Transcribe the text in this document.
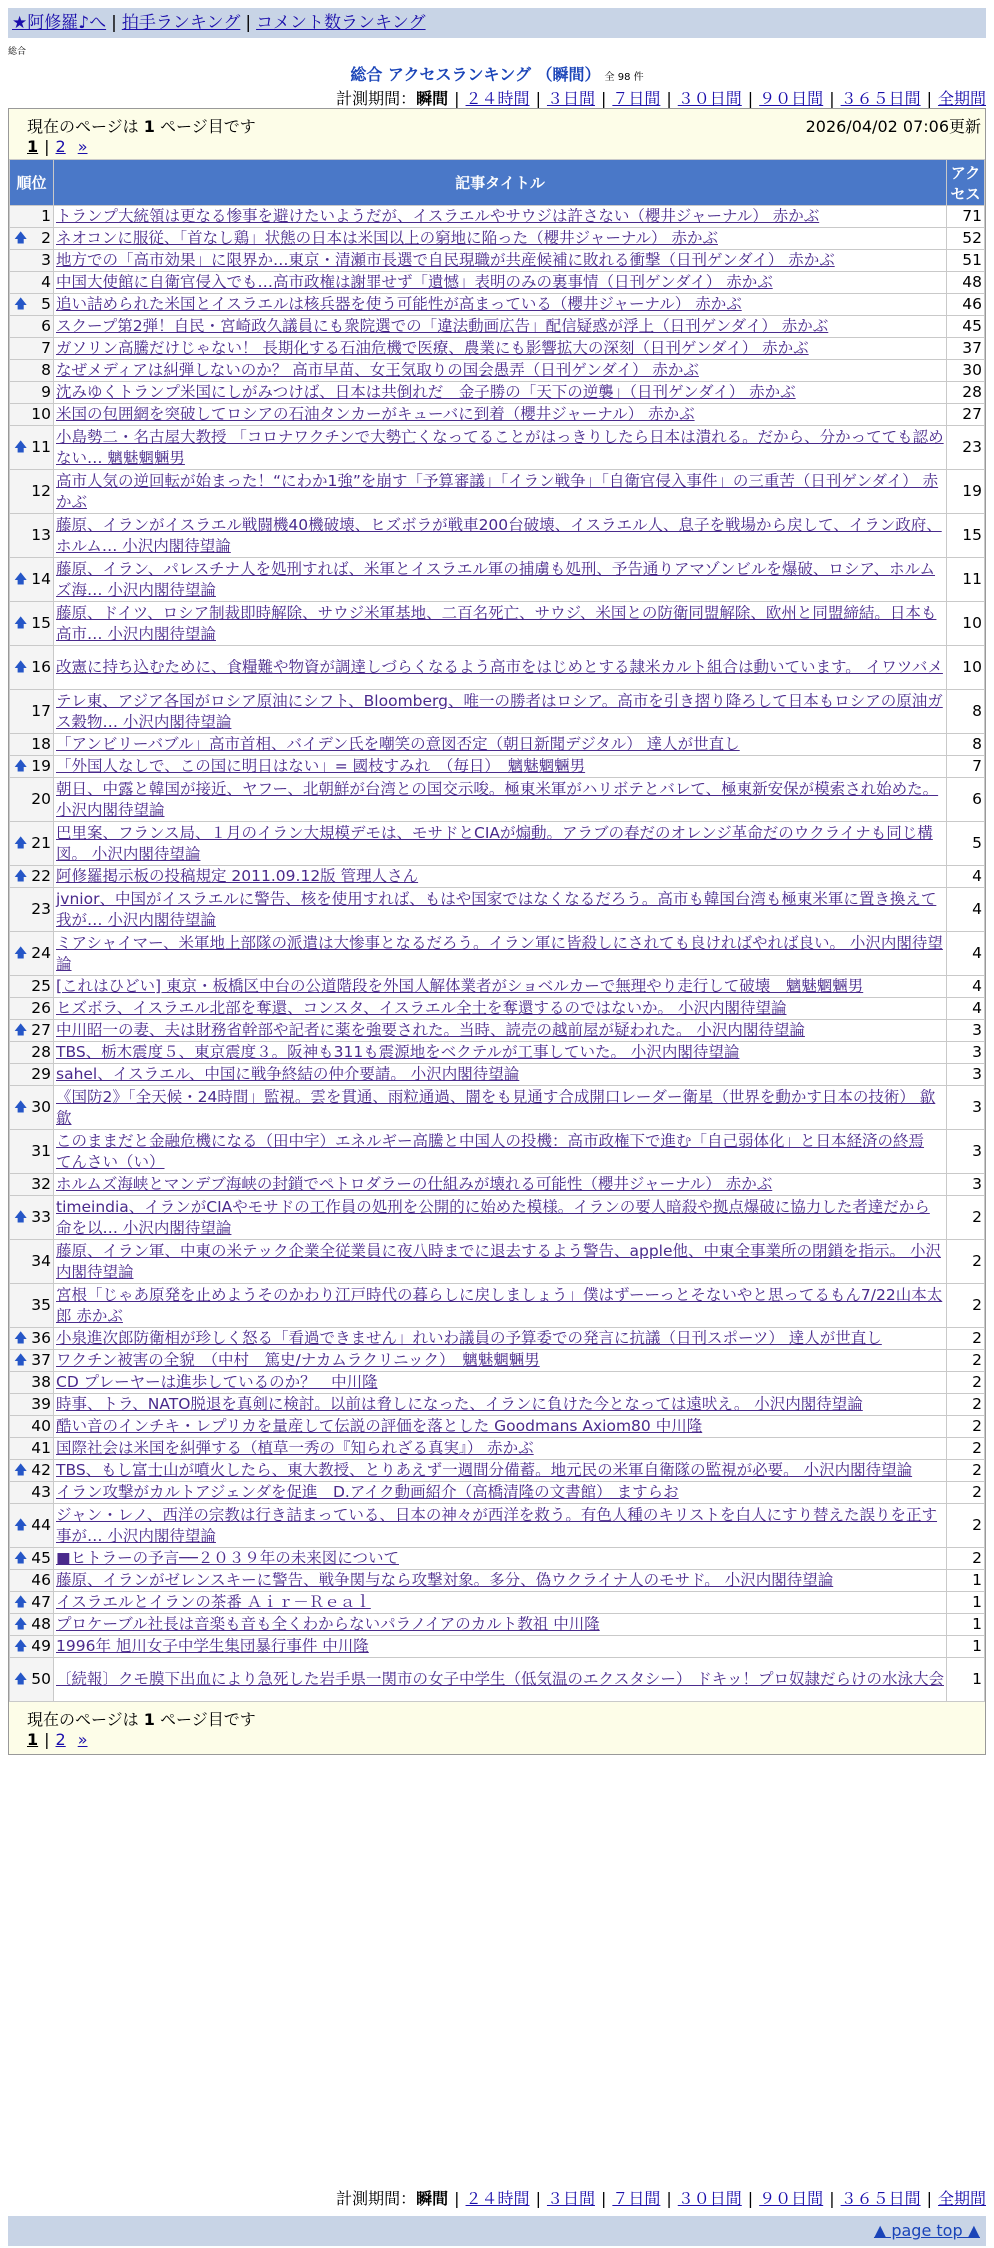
★阿修羅♪へ | 拍手ランキング | コメント数ランキング
総合
総合 アクセスランキング （瞬間） 全 98 件
計測期間：瞬間 | ２４時間 | ３日間 | ７日間 | ３０日間 | ９０日間 | ３６５日間 | 全期間
現在のページは 1 ページ目です	2026/04/02 07:06更新
1 | 2 »
順位	記事タイトル	アクセス
1	トランプ大統領は更なる惨事を避けたいようだが、イスラエルやサウジは許さない（櫻井ジャーナル） 赤かぶ	71

🡅 2	ネオコンに服従、「首なし鶏」状態の日本は米国以上の窮地に陥った（櫻井ジャーナル） 赤かぶ	52
3	地方での「高市効果」に限界か…東京・清瀬市長選で自民現職が共産候補に敗れる衝撃（日刊ゲンダイ） 赤かぶ	51
4	中国大使館に自衛官侵入でも…高市政権は謝罪せず「遺憾」表明のみの裏事情（日刊ゲンダイ） 赤かぶ	48

🡅 5	追い詰められた米国とイスラエルは核兵器を使う可能性が高まっている（櫻井ジャーナル） 赤かぶ	46
6	スクープ第2弾！自民・宮崎政久議員にも衆院選での「違法動画広告」配信疑惑が浮上（日刊ゲンダイ） 赤かぶ	45
7	ガソリン高騰だけじゃない！ 長期化する石油危機で医療、農業にも影響拡大の深刻（日刊ゲンダイ） 赤かぶ	37
8	なぜメディアは糾弾しないのか？ 高市早苗、女王気取りの国会愚弄（日刊ゲンダイ） 赤かぶ	30
9	沈みゆくトランプ米国にしがみつけば、日本は共倒れだ　金子勝の「天下の逆襲」（日刊ゲンダイ） 赤かぶ	28
10	米国の包囲網を突破してロシアの石油タンカーがキューバに到着（櫻井ジャーナル） 赤かぶ	27

🡅 11	小島勢二・名古屋大教授 「コロナワクチンで大勢亡くなってることがはっきりしたら日本は潰れる。だから、分かってても認めない… 魑魅魍魎男	23
12	高市人気の逆回転が始まった！“にわか1強”を崩す「予算審議」「イラン戦争」「自衛官侵入事件」の三重苦（日刊ゲンダイ） 赤かぶ	19
13	藤原、イランがイスラエル戦闘機40機破壊、ヒズボラが戦車200台破壊、イスラエル人、息子を戦場から戻して、イラン政府、ホルム… 小沢内閣待望論	15

🡅 14	藤原、イラン、パレスチナ人を処刑すれば、米軍とイスラエル軍の捕虜も処刑、予告通りアマゾンビルを爆破、ロシア、ホルムズ海… 小沢内閣待望論	11

🡅 15	藤原、ドイツ、ロシア制裁即時解除、サウジ米軍基地、二百名死亡、サウジ、米国との防衛同盟解除、欧州と同盟締結。日本も高市… 小沢内閣待望論	10

🡅 16	改憲に持ち込むために、食糧難や物資が調達しづらくなるよう高市をはじめとする隷米カルト組合は動いています。 イワツバメ	10
17	テレ東、アジア各国がロシア原油にシフト、Bloomberg、唯一の勝者はロシア。高市を引き摺り降ろして日本もロシアの原油ガス穀物… 小沢内閣待望論	8
18	「アンビリーバブル」高市首相、バイデン氏を嘲笑の意図否定（朝日新聞デジタル） 達人が世直し	8

🡅 19	「外国人なしで、この国に明日はない」= 國枝すみれ　（毎日）　魑魅魍魎男	7
20	朝日、中露と韓国が接近、ヤフー、北朝鮮が台湾との国交示唆。極東米軍がハリボテとバレて、極東新安保が模索され始めた。 小沢内閣待望論	6

🡅 21	巴里案、フランス局、１月のイラン大規模デモは、モサドとCIAが煽動。アラブの春だのオレンジ革命だのウクライナも同じ構図。 小沢内閣待望論	5

🡅 22	阿修羅掲示板の投稿規定 2011.09.12版 管理人さん	4
23	jvnior、中国がイスラエルに警告、核を使用すれば、もはや国家ではなくなるだろう。高市も韓国台湾も極東米軍に置き換えて我が… 小沢内閣待望論	4

🡅 24	ミアシャイマー、米軍地上部隊の派遣は大惨事となるだろう。イラン軍に皆殺しにされても良ければやれば良い。 小沢内閣待望論	4
25	[これはひどい] 東京・板橋区中台の公道階段を外国人解体業者がショベルカーで無理やり走行して破壊　魑魅魍魎男	4
26	ヒズボラ、イスラエル北部を奪還、コンスタ、イスラエル全土を奪還するのではないか。 小沢内閣待望論	4

🡅 27	中川昭一の妻、夫は財務省幹部や記者に薬を強要された。当時、読売の越前屋が疑われた。 小沢内閣待望論	3
28	TBS、栃木震度５、東京震度３。阪神も311も震源地をベクテルが工事していた。 小沢内閣待望論	3
29	sahel、イスラエル、中国に戦争終結の仲介要請。 小沢内閣待望論	3

🡅 30	《国防2》「全天候・24時間」監視。雲を貫通、雨粒通過、闇をも見通す合成開口レーダー衛星（世界を動かす日本の技術） 歙歙	3
31	このままだと金融危機になる（田中宇）エネルギー高騰と中国人の投機：高市政権下で進む「自己弱体化」と日本経済の終焉 てんさい（い）	3
32	ホルムズ海峡とマンデブ海峡の封鎖でペトロダラーの仕組みが壊れる可能性（櫻井ジャーナル） 赤かぶ	3

🡅 33	timeindia、イランがCIAやモサドの工作員の処刑を公開的に始めた模様。イランの要人暗殺や拠点爆破に協力した者達だから命を以… 小沢内閣待望論	2
34	藤原、イラン軍、中東の米テック企業全従業員に夜八時までに退去するよう警告、apple他、中東全事業所の閉鎖を指示。 小沢内閣待望論	2
35	宮根「じゃあ原発を止めようそのかわり江戸時代の暮らしに戻しましょう」僕はずーーっとそないやと思ってるもん7/22山本太郎 赤かぶ	2

🡅 36	小泉進次郎防衛相が珍しく怒る「看過できません」れいわ議員の予算委での発言に抗議（日刊スポーツ） 達人が世直し	2

🡅 37	ワクチン被害の全貌　（中村　篤史/ナカムラクリニック）　魑魅魍魎男	2
38	CD プレーヤーは進歩しているのか？　中川隆	2
39	時事、トラ、NATO脱退を真剣に検討。以前は脅しになった、イランに負けた今となっては遠吠え。 小沢内閣待望論	2
40	酷い音のインチキ・レプリカを量産して伝説の評価を落とした Goodmans Axiom80 中川隆	2
41	国際社会は米国を糾弾する（植草一秀の『知られざる真実』） 赤かぶ	2

🡅 42	TBS、もし富士山が噴火したら、東大教授、とりあえず一週間分備蓄。地元民の米軍自衛隊の監視が必要。 小沢内閣待望論	2
43	イラン攻撃がカルトアジェンダを促進　D.アイク動画紹介（高橋清隆の文書館） ますらお	2

🡅 44	ジャン・レノ、西洋の宗教は行き詰まっている、日本の神々が西洋を救う。有色人種のキリストを白人にすり替えた誤りを正す事が… 小沢内閣待望論	2

🡅 45	■ヒトラーの予言──２０３９年の未来図について	2
46	藤原、イランがゼレンスキーに警告、戦争関与なら攻撃対象。多分、偽ウクライナ人のモサド。 小沢内閣待望論	1

🡅 47	イスラエルとイランの茶番 Ａｉｒ－Ｒｅａｌ	1

🡅 48	プロケーブル社長は音楽も音も全くわからないパラノイアのカルト教祖 中川隆	1

🡅 49	1996年 旭川女子中学生集団暴行事件 中川隆	1

🡅 50	〔続報〕クモ膜下出血により急死した岩手県一関市の女子中学生（低気温のエクスタシー） ドキッ！プロ奴隷だらけの水泳大会	1
現在のページは 1 ページ目です
1 | 2 »
計測期間：瞬間 | ２４時間 | ３日間 | ７日間 | ３０日間 | ９０日間 | ３６５日間 | 全期間
▲ page top ▲
